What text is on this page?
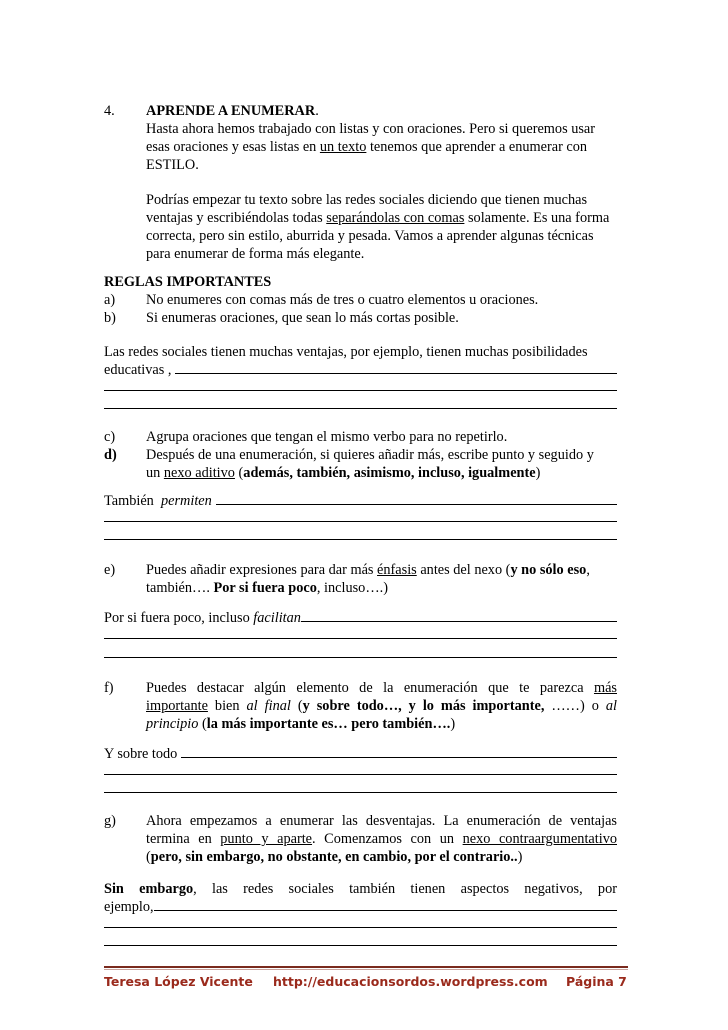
4. APRENDE A ENUMERAR.
Hasta ahora hemos trabajado con listas y con oraciones. Pero si queremos usar
esas oraciones y esas listas en un texto tenemos que aprender a enumerar con
ESTILO.
Podrías empezar tu texto sobre las redes sociales diciendo que tienen muchas
ventajas y escribiéndolas todas separándolas con comas solamente. Es una forma
correcta, pero sin estilo, aburrida y pesada. Vamos a aprender algunas técnicas
para enumerar de forma más elegante.
REGLAS IMPORTANTES
a) No enumeres con comas más de tres o cuatro elementos u oraciones.
b) Si enumeras oraciones, que sean lo más cortas posible.
Las redes sociales tienen muchas ventajas, por ejemplo, tienen muchas posibilidades
educativas ,
c) Agrupa oraciones que tengan el mismo verbo para no repetirlo.
d) Después de una enumeración, si quieres añadir más, escribe punto y seguido y
un nexo aditivo (además, también, asimismo, incluso, igualmente)
También permiten
e) Puedes añadir expresiones para dar más énfasis antes del nexo (y no sólo eso,
también…. Por si fuera poco, incluso….)
Por si fuera poco, incluso facilitan
f) Puedes destacar algún elemento de la enumeración que te parezca más
importante bien al final (y sobre todo…, y lo más importante, ……) o al
principio (la más importante es… pero también….)
Y sobre todo
g) Ahora empezamos a enumerar las desventajas. La enumeración de ventajas
termina en punto y aparte. Comenzamos con un nexo contraargumentativo
(pero, sin embargo, no obstante, en cambio, por el contrario..)
Sin embargo, las redes sociales también tienen aspectos negativos, por
ejemplo,
Teresa López Vicente http://educacionsordos.wordpress.com Página 7
